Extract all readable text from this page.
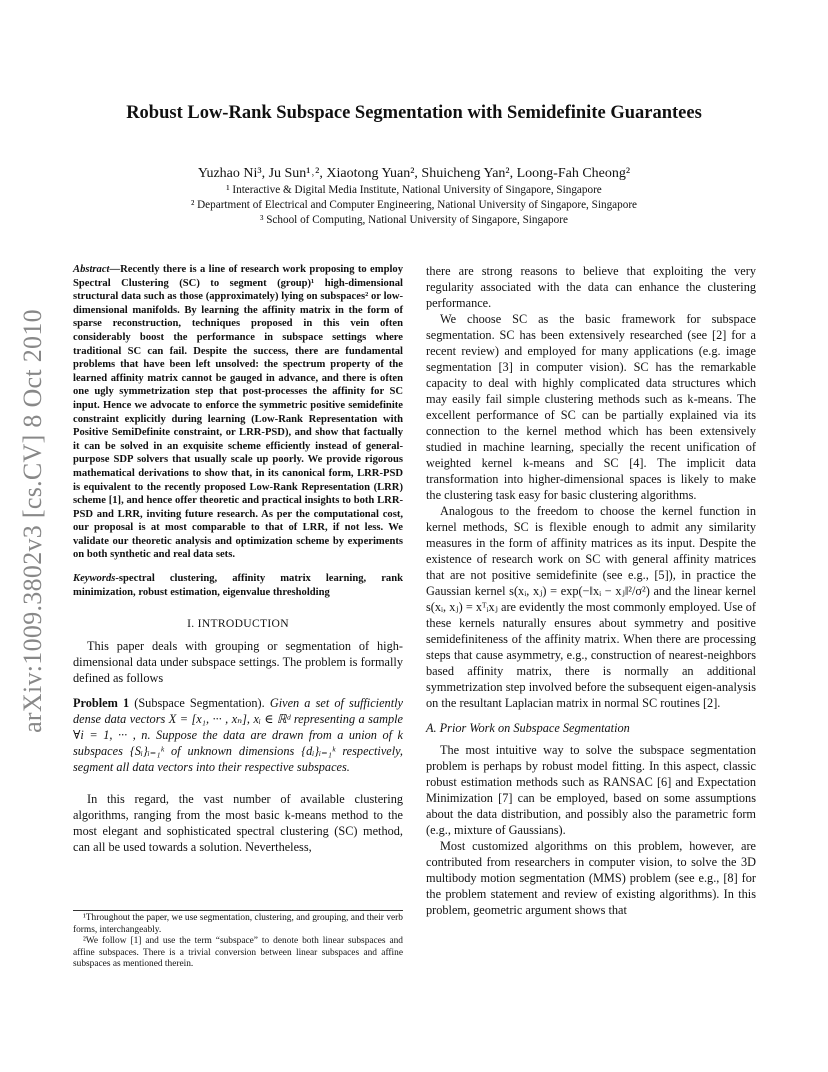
arXiv:1009.3802v3 [cs.CV] 8 Oct 2010
Robust Low-Rank Subspace Segmentation with Semidefinite Guarantees
Yuzhao Ni³, Ju Sun¹˒², Xiaotong Yuan², Shuicheng Yan², Loong-Fah Cheong²
¹ Interactive & Digital Media Institute, National University of Singapore, Singapore
² Department of Electrical and Computer Engineering, National University of Singapore, Singapore
³ School of Computing, National University of Singapore, Singapore

Abstract—Recently there is a line of research work proposing to employ Spectral Clustering (SC) to segment (group)¹ high-dimensional structural data such as those (approximately) lying on subspaces² or low-dimensional manifolds. By learning the affinity matrix in the form of sparse reconstruction, techniques proposed in this vein often considerably boost the performance in subspace settings where traditional SC can fail. Despite the success, there are fundamental problems that have been left unsolved: the spectrum property of the learned affinity matrix cannot be gauged in advance, and there is often one ugly symmetrization step that post-processes the affinity for SC input. Hence we advocate to enforce the symmetric positive semidefinite constraint explicitly during learning (Low-Rank Representation with Positive SemiDefinite constraint, or LRR-PSD), and show that factually it can be solved in an exquisite scheme efficiently instead of general-purpose SDP solvers that usually scale up poorly. We provide rigorous mathematical derivations to show that, in its canonical form, LRR-PSD is equivalent to the recently proposed Low-Rank Representation (LRR) scheme [1], and hence offer theoretic and practical insights to both LRR-PSD and LRR, inviting future research. As per the computational cost, our proposal is at most comparable to that of LRR, if not less. We validate our theoretic analysis and optimization scheme by experiments on both synthetic and real data sets.

Keywords-spectral clustering, affinity matrix learning, rank minimization, robust estimation, eigenvalue thresholding

I. INTRODUCTION

This paper deals with grouping or segmentation of high-dimensional data under subspace settings. The problem is formally defined as follows

Problem 1 (Subspace Segmentation). Given a set of sufficiently dense data vectors X = [x₁, ··· , xₙ], xᵢ ∈ ℝᵈ representing a sample ∀i = 1, ··· , n. Suppose the data are drawn from a union of k subspaces {Sᵢ}ᵢ₌₁ᵏ of unknown dimensions {dᵢ}ᵢ₌₁ᵏ respectively, segment all data vectors into their respective subspaces.

In this regard, the vast number of available clustering algorithms, ranging from the most basic k-means method to the most elegant and sophisticated spectral clustering (SC) method, can all be used towards a solution. Nevertheless,

¹Throughout the paper, we use segmentation, clustering, and grouping, and their verb forms, interchangeably.

²We follow [1] and use the term “subspace” to denote both linear subspaces and affine subspaces. There is a trivial conversion between linear subspaces and affine subspaces as mentioned therein.

there are strong reasons to believe that exploiting the very regularity associated with the data can enhance the clustering performance.

We choose SC as the basic framework for subspace segmentation. SC has been extensively researched (see [2] for a recent review) and employed for many applications (e.g. image segmentation [3] in computer vision). SC has the remarkable capacity to deal with highly complicated data structures which may easily fail simple clustering methods such as k-means. The excellent performance of SC can be partially explained via its connection to the kernel method which has been extensively studied in machine learning, specially the recent unification of weighted kernel k-means and SC [4]. The implicit data transformation into higher-dimensional spaces is likely to make the clustering task easy for basic clustering algorithms.

Analogous to the freedom to choose the kernel function in kernel methods, SC is flexible enough to admit any similarity measures in the form of affinity matrices as its input. Despite the existence of research work on SC with general affinity matrices that are not positive semidefinite (see e.g., [5]), in practice the Gaussian kernel s(xᵢ, xⱼ) = exp(−‖xᵢ − xⱼ‖²/σ²) and the linear kernel s(xᵢ, xⱼ) = xᵀᵢxⱼ are evidently the most commonly employed. Use of these kernels naturally ensures about symmetry and positive semidefiniteness of the affinity matrix. When there are processing steps that cause asymmetry, e.g., construction of nearest-neighbors based affinity matrix, there is normally an additional symmetrization step involved before the subsequent eigen-analysis on the resultant Laplacian matrix in normal SC routines [2].

A. Prior Work on Subspace Segmentation

The most intuitive way to solve the subspace segmentation problem is perhaps by robust model fitting. In this aspect, classic robust estimation methods such as RANSAC [6] and Expectation Minimization [7] can be employed, based on some assumptions about the data distribution, and possibly also the parametric form (e.g., mixture of Gaussians).

Most customized algorithms on this problem, however, are contributed from researchers in computer vision, to solve the 3D multibody motion segmentation (MMS) problem (see e.g., [8] for the problem statement and review of existing algorithms). In this problem, geometric argument shows that
